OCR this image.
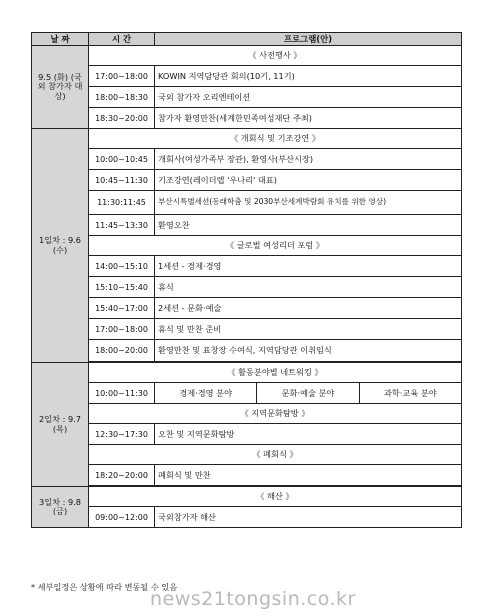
날 짜	시 간	프로그램(안)
9.5 (화) (국외 참가자 대상)	《 사전행사 》	
	17:00~18:00	KOWIN 지역담당관 회의(10기, 11기)
	18:00~18:30	국외 참가자 오리엔테이션
	18:30~20:00	참가자 환영만찬(세계한민족여성재단 주최)
1일차 : 9.6 (수)	《 개회식 및 기조강연 》	
	10:00~10:45	개회사(여성가족부 장관), 환영사(부산시장)
	10:45~11:30	기조강연(레이더랩 '우나리' 대표)
	11:30:11:45	부산시특별세션(동래학춤 및 2030부산세계박람회 유치를 위한 영상)
	11:45~13:30	환영오찬
	《 글로벌 여성리더 포럼 》	
	14:00~15:10	1세션 - 경제·경영
	15:10~15:40	휴식
	15:40~17:00	2세션 - 문화·예술
	17:00~18:00	휴식 및 만찬 준비
	18:00~20:00	환영만찬 및 표창장 수여식, 지역담당관 이취임식

2일차 : 9.7 (목)	《 활동분야별 네트워킹 》	
	10:00~11:30	경제·경영 분야 문화·예술 분야 과학·교육 분야

	《 지역문화탐방 》	
	12:30~17:30	오찬 및 지역문화탐방
	《 폐회식 》	
	18:20~20:00	폐회식 및 만찬

3일차 : 9.8 (금)	《 해산 》	
	09:00~12:00	국외참가자 해산
* 세부일정은 상황에 따라 변동될 수 있음
news21tongsin.co.kr
